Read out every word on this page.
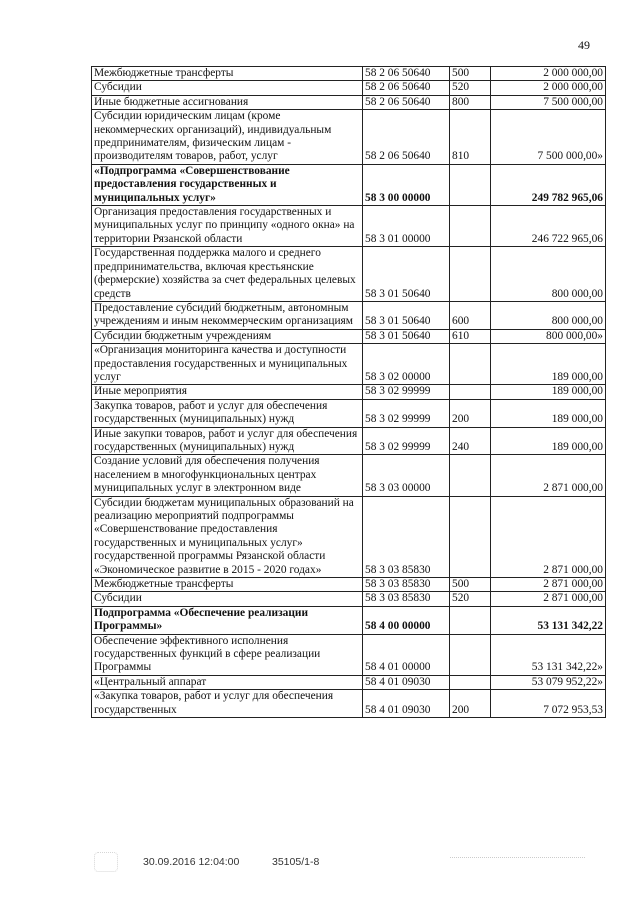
49
Межбюджетные трансферты	58 2 06 50640	500	2 000 000,00
Субсидии	58 2 06 50640	520	2 000 000,00
Иные бюджетные ассигнования	58 2 06 50640	800	7 500 000,00
Субсидии юридическим лицам (кроме некоммерческих организаций), индивидуальным предпринимателям, физическим лицам - производителям товаров, работ, услуг	58 2 06 50640	810	7 500 000,00»
«Подпрограмма «Совершенствование предоставления государственных и муниципальных услуг»	58 3 00 00000		249 782 965,06
Организация предоставления государственных и муниципальных услуг по принципу «одного окна» на территории Рязанской области	58 3 01 00000		246 722 965,06
Государственная поддержка малого и среднего предпринимательства, включая крестьянские (фермерские) хозяйства за счет федеральных целевых средств	58 3 01 50640		800 000,00
Предоставление субсидий бюджетным, автономным учреждениям и иным некоммерческим организациям	58 3 01 50640	600	800 000,00
Субсидии бюджетным учреждениям	58 3 01 50640	610	800 000,00»
«Организация мониторинга качества и доступности предоставления государственных и муниципальных услуг	58 3 02 00000		189 000,00
Иные мероприятия	58 3 02 99999		189 000,00
Закупка товаров, работ и услуг для обеспечения государственных (муниципальных) нужд	58 3 02 99999	200	189 000,00
Иные закупки товаров, работ и услуг для обеспечения государственных (муниципальных) нужд	58 3 02 99999	240	189 000,00
Создание условий для обеспечения получения населением в многофункциональных центрах муниципальных услуг в электронном виде	58 3 03 00000		2 871 000,00
Субсидии бюджетам муниципальных образований на реализацию мероприятий подпрограммы «Совершенствование предоставления государственных и муниципальных услуг» государственной программы Рязанской области «Экономическое развитие в 2015 - 2020 годах»	58 3 03 85830		2 871 000,00
Межбюджетные трансферты	58 3 03 85830	500	2 871 000,00
Субсидии	58 3 03 85830	520	2 871 000,00
Подпрограмма «Обеспечение реализации Программы»	58 4 00 00000		53 131 342,22
Обеспечение эффективного исполнения государственных функций в сфере реализации Программы	58 4 01 00000		53 131 342,22»
«Центральный аппарат	58 4 01 09030		53 079 952,22»
«Закупка товаров, работ и услуг для обеспечения государственных	58 4 01 09030	200	7 072 953,53
30.09.2016 12:04:00	35105/1-8
